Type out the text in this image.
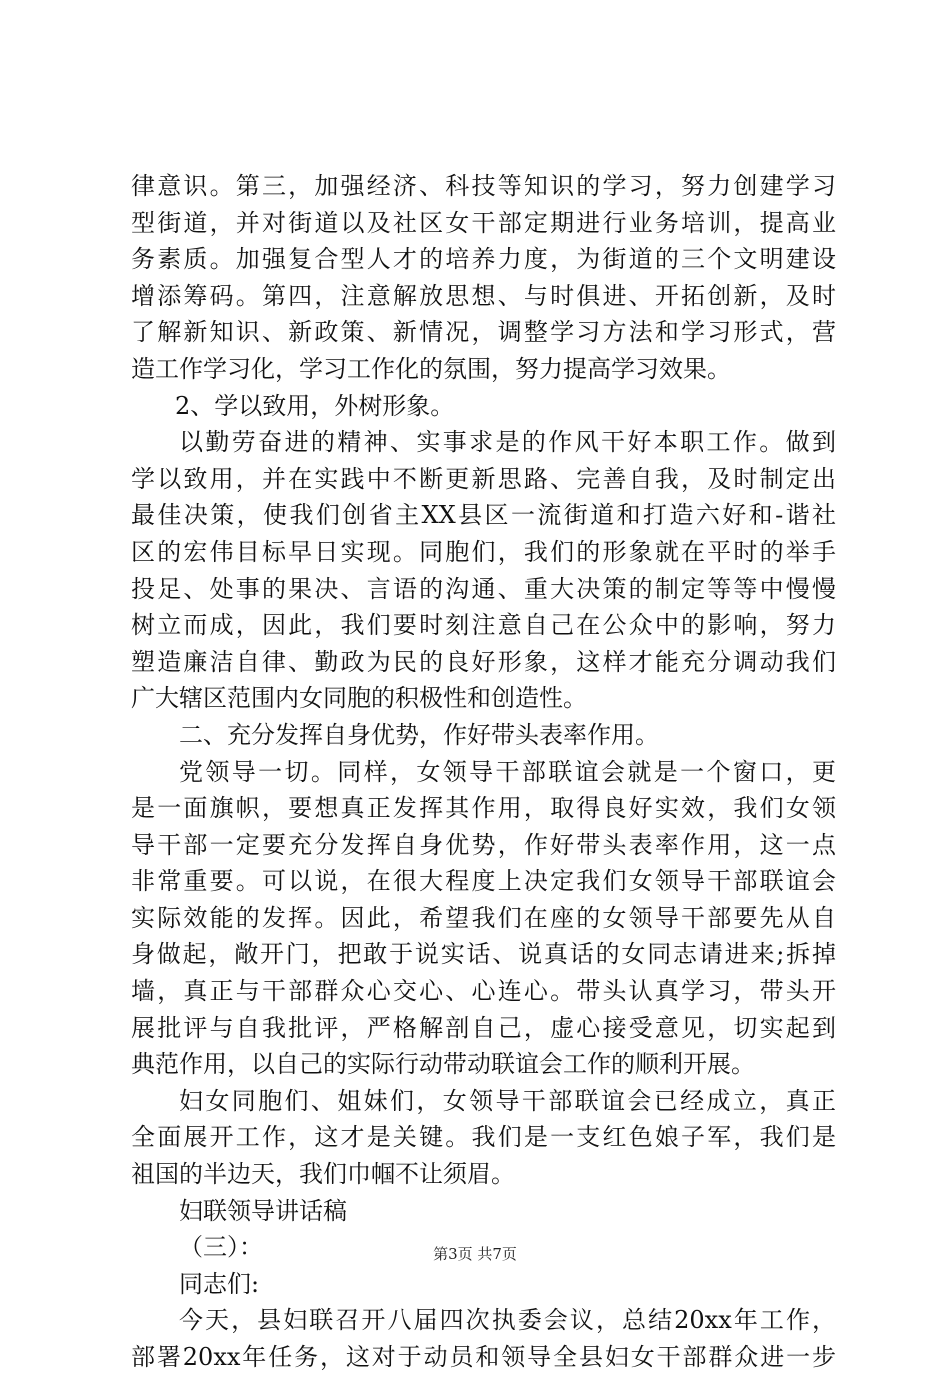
律意识。第三，加强经济、科技等知识的学习，努力创建学习
型街道，并对街道以及社区女干部定期进行业务培训，提高业
务素质。加强复合型人才的培养力度，为街道的三个文明建设
增添筹码。第四，注意解放思想、与时俱进、开拓创新，及时
了解新知识、新政策、新情况，调整学习方法和学习形式，营
造工作学习化，学习工作化的氛围，努力提高学习效果。
2、学以致用，外树形象。
以勤劳奋进的精神、实事求是的作风干好本职工作。做到
学以致用，并在实践中不断更新思路、完善自我，及时制定出
最佳决策，使我们创省主XX县区一流街道和打造六好和-谐社
区的宏伟目标早日实现。同胞们，我们的形象就在平时的举手
投足、处事的果决、言语的沟通、重大决策的制定等等中慢慢
树立而成，因此，我们要时刻注意自己在公众中的影响，努力
塑造廉洁自律、勤政为民的良好形象，这样才能充分调动我们
广大辖区范围内女同胞的积极性和创造性。
二、充分发挥自身优势，作好带头表率作用。
党领导一切。同样，女领导干部联谊会就是一个窗口，更
是一面旗帜，要想真正发挥其作用，取得良好实效，我们女领
导干部一定要充分发挥自身优势，作好带头表率作用，这一点
非常重要。可以说，在很大程度上决定我们女领导干部联谊会
实际效能的发挥。因此，希望我们在座的女领导干部要先从自
身做起，敞开门，把敢于说实话、说真话的女同志请进来;拆掉
墙，真正与干部群众心交心、心连心。带头认真学习，带头开
展批评与自我批评，严格解剖自己，虚心接受意见，切实起到
典范作用，以自己的实际行动带动联谊会工作的顺利开展。
妇女同胞们、姐妹们，女领导干部联谊会已经成立，真正
全面展开工作，这才是关键。我们是一支红色娘子军，我们是
祖国的半边天，我们巾帼不让须眉。
妇联领导讲话稿
（三）：
同志们:
今天，县妇联召开八届四次执委会议，总结20xx年工作，
部署20xx年任务，这对于动员和领导全县妇女干部群众进一步
第3页 共7页
